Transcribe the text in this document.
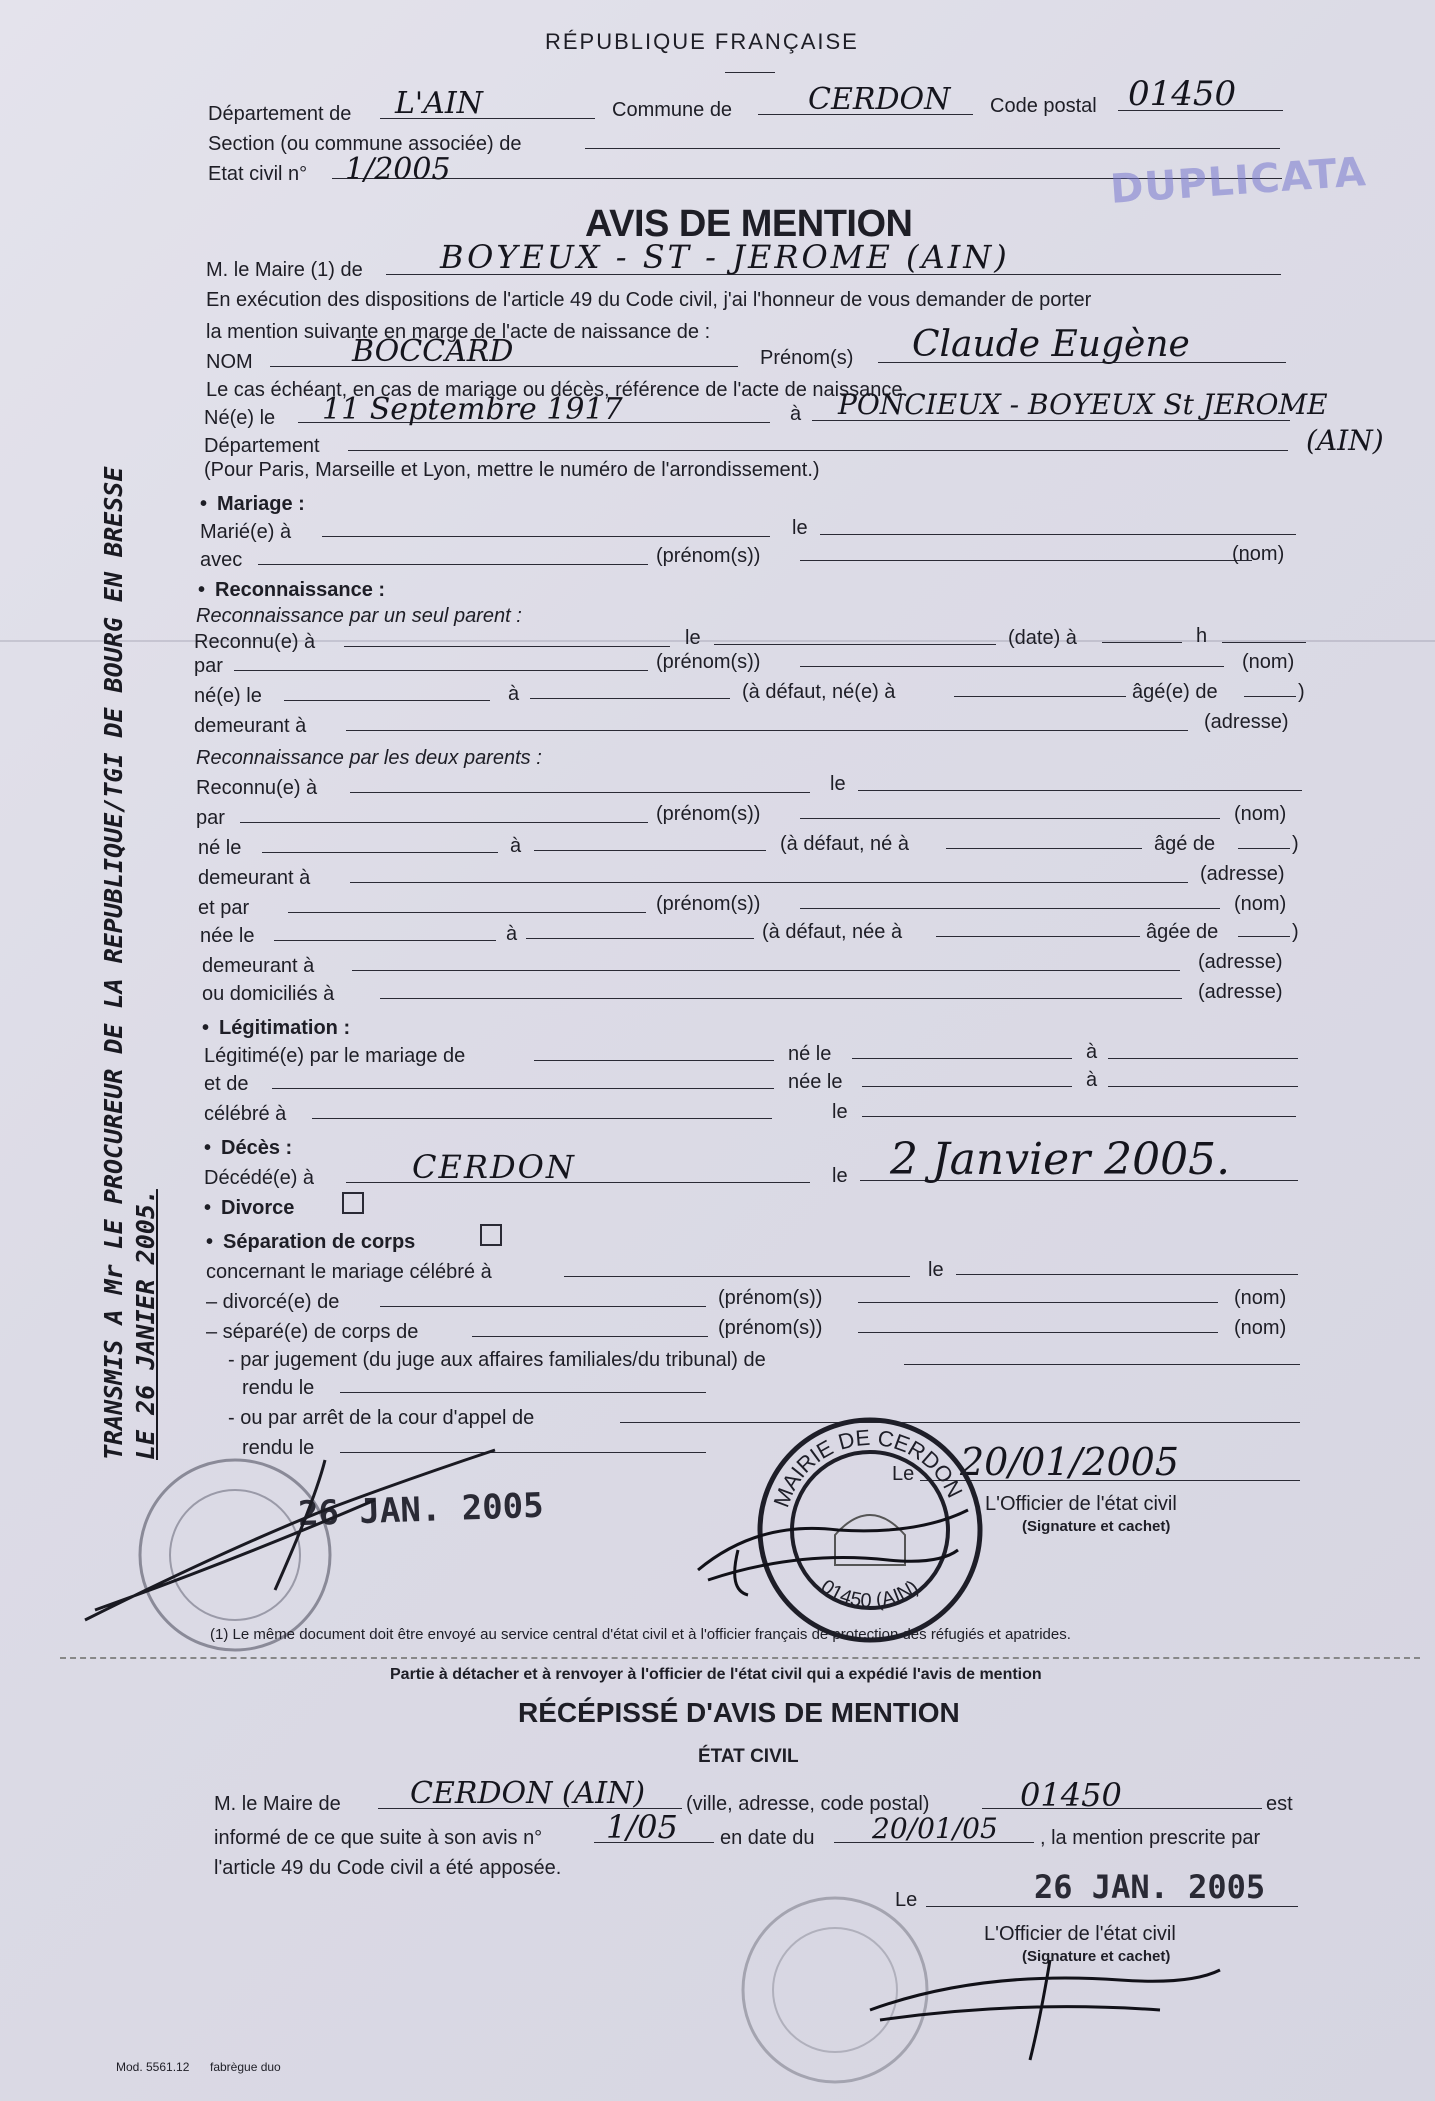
RÉPUBLIQUE FRANÇAISE
Département de L'AIN	Commune de	CERDON Code postal 01450
Section (ou commune associée) de
Etat civil n° 1/2005	DUPLICATA
AVIS DE MENTION
M. le Maire (1) de BOYEUX - ST - JEROME (AIN)
En exécution des dispositions de l'article 49 du Code civil, j'ai l'honneur de vous demander de porter
la mention suivante en marge de l'acte de naissance de :
NOM	BOCCARD	Prénom(s) Claude Eugène
Le cas échéant, en cas de mariage ou décès, référence de l'acte de naissance.
Né(e) le 11 Septembre 1917	à PONCIEUX - BOYEUX St JEROME
Département	(AIN)
(Pour Paris, Marseille et Lyon, mettre le numéro de l'arrondissement.)
• Mariage :
Marié(e) à	le
avec	(prénom(s))	(nom)
• Reconnaissance :
Reconnaissance par un seul parent :
Reconnu(e) à	le	(date) à	h
par	(prénom(s))	(nom)
né(e) le	à	(à défaut, né(e) à	âgé(e) de	)
demeurant à	(adresse)
Reconnaissance par les deux parents :
Reconnu(e) à	le
par	(prénom(s))	(nom)
né le	à	(à défaut, né à	âgé de	)
demeurant à	(adresse)
et par	(prénom(s))	(nom)
née le	à	(à défaut, née à	âgée de	)
demeurant à	(adresse)
ou domiciliés à	(adresse)
• Légitimation :
Légitimé(e) par le mariage de	né le	à
et de	née le	à
célébré à	le
• Décès :
Décédé(e) à	CERDON	le 2 Janvier 2005.
• Divorce
• Séparation de corps
concernant le mariage célébré à	le
– divorcé(e) de	(prénom(s))	(nom)
– séparé(e) de corps de	(prénom(s))	(nom)
- par jugement (du juge aux affaires familiales/du tribunal) de
rendu le
- ou par arrêt de la cour d'appel de
rendu le
Le 20/01/2005
L'Officier de l'état civil
(Signature et cachet)
MAIRIE DE CERDON
01450 (AIN)
26 JAN. 2005
TRANSMIS A Mr LE PROCUREUR DE LA REPUBLIQUE/TGI DE BOURG EN BRESSE LE 26 JANIER 2005.
(1) Le même document doit être envoyé au service central d'état civil et à l'officier français de protection des réfugiés et apatrides.
Partie à détacher et à renvoyer à l'officier de l'état civil qui a expédié l'avis de mention
RÉCÉPISSÉ D'AVIS DE MENTION
ÉTAT CIVIL
M. le Maire de CERDON (AIN) (ville, adresse, code postal)	01450	est
informé de ce que suite à son avis n° 1/05 en date du 20/01/05 , la mention prescrite par
l'article 49 du Code civil a été apposée.
Le	26 JAN. 2005
L'Officier de l'état civil
(Signature et cachet)
Mod. 5561.12 fabrègue duo
